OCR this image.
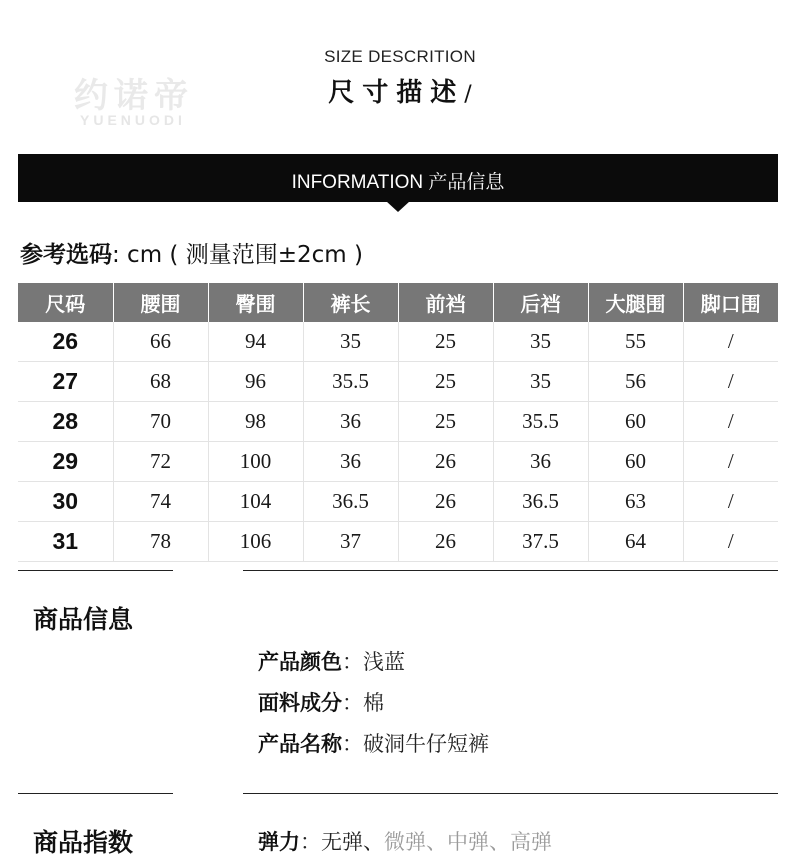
约诺帝
YUENUODI
SIZE DESCRITION
尺寸描述/
INFORMATION 产品信息
参考选码: cm ( 测量范围±2cm )
尺码	腰围	臀围	裤长	前裆	后裆	大腿围	脚口围
26	66	94	35	25	35	55	/
27	68	96	35.5	25	35	56	/
28	70	98	36	25	35.5	60	/
29	72	100	36	26	36	60	/
30	74	104	36.5	26	36.5	63	/
31	78	106	37	26	37.5	64	/
商品信息
产品颜色：浅蓝
面料成分：棉
产品名称：破洞牛仔短裤
商品指数	弹力：无弹、微弹、中弹、高弹
